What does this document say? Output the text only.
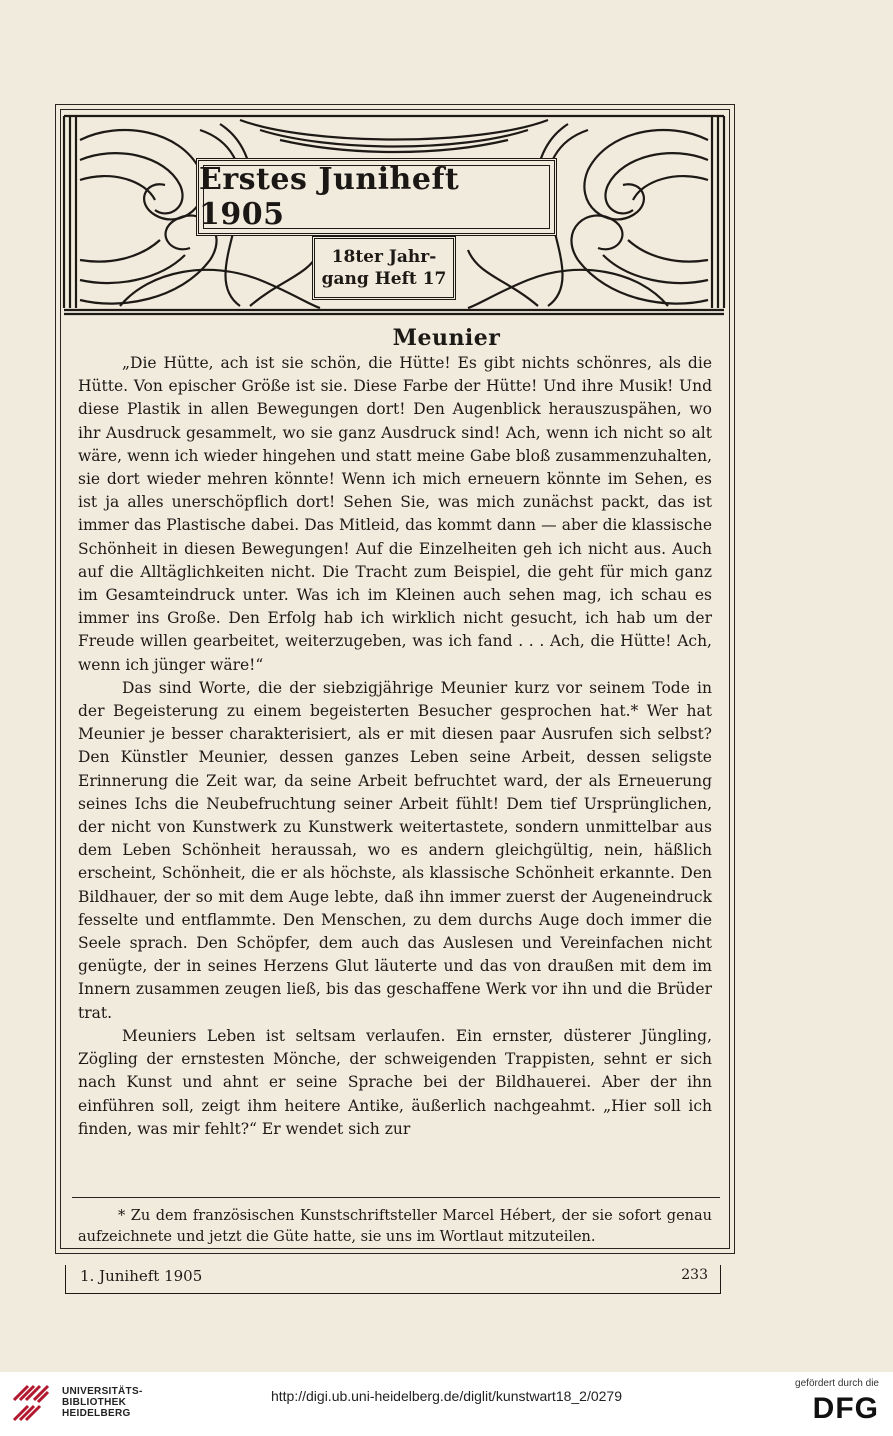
Erstes Juniheft 1905
18ter Jahr-
gang Heft 17
Meunier

„Die Hütte, ach ist sie schön, die Hütte! Es gibt nichts schönres, als die Hütte. Von epischer Größe ist sie. Diese Farbe der Hütte! Und ihre Musik! Und diese Plastik in allen Bewegungen dort! Den Augenblick herauszuspähen, wo ihr Ausdruck gesammelt, wo sie ganz Ausdruck sind! Ach, wenn ich nicht so alt wäre, wenn ich wieder hingehen und statt meine Gabe bloß zusammenzuhalten, sie dort wieder mehren könnte! Wenn ich mich erneuern könnte im Sehen, es ist ja alles unerschöpflich dort! Sehen Sie, was mich zunächst packt, das ist immer das Plastische dabei. Das Mitleid, das kommt dann — aber die klassische Schönheit in diesen Bewegungen! Auf die Einzelheiten geh ich nicht aus. Auch auf die Alltäglichkeiten nicht. Die Tracht zum Beispiel, die geht für mich ganz im Gesamteindruck unter. Was ich im Kleinen auch sehen mag, ich schau es immer ins Große. Den Erfolg hab ich wirklich nicht gesucht, ich hab um der Freude willen gearbeitet, weiterzugeben, was ich fand . . . Ach, die Hütte! Ach, wenn ich jünger wäre!“

Das sind Worte, die der siebzigjährige Meunier kurz vor seinem Tode in der Begeisterung zu einem begeisterten Besucher gesprochen hat.* Wer hat Meunier je besser charakterisiert, als er mit diesen paar Ausrufen sich selbst? Den Künstler Meunier, dessen ganzes Leben seine Arbeit, dessen seligste Erinnerung die Zeit war, da seine Arbeit befruchtet ward, der als Erneuerung seines Ichs die Neubefruchtung seiner Arbeit fühlt! Dem tief Ursprünglichen, der nicht von Kunstwerk zu Kunstwerk weitertastete, sondern unmittelbar aus dem Leben Schönheit heraussah, wo es andern gleichgültig, nein, häßlich erscheint, Schönheit, die er als höchste, als klassische Schönheit erkannte. Den Bildhauer, der so mit dem Auge lebte, daß ihn immer zuerst der Augeneindruck fesselte und entflammte. Den Menschen, zu dem durchs Auge doch immer die Seele sprach. Den Schöpfer, dem auch das Auslesen und Vereinfachen nicht genügte, der in seines Herzens Glut läuterte und das von draußen mit dem im Innern zusammen zeugen ließ, bis das geschaffene Werk vor ihn und die Brüder trat.

Meuniers Leben ist seltsam verlaufen. Ein ernster, düsterer Jüngling, Zögling der ernstesten Mönche, der schweigenden Trappisten, sehnt er sich nach Kunst und ahnt er seine Sprache bei der Bildhauerei. Aber der ihn einführen soll, zeigt ihm heitere Antike, äußerlich nachgeahmt. „Hier soll ich finden, was mir fehlt?“ Er wendet sich zur

* Zu dem französischen Kunstschriftsteller Marcel Hébert, der sie sofort genau aufzeichnete und jetzt die Güte hatte, sie uns im Wortlaut mitzuteilen.

1. Juniheft 1905	233
UNIVERSITÄTS-
BIBLIOTHEK
HEIDELBERG
http://digi.ub.uni-heidelberg.de/diglit/kunstwart18_2/0279
gefördert durch die
DFG
